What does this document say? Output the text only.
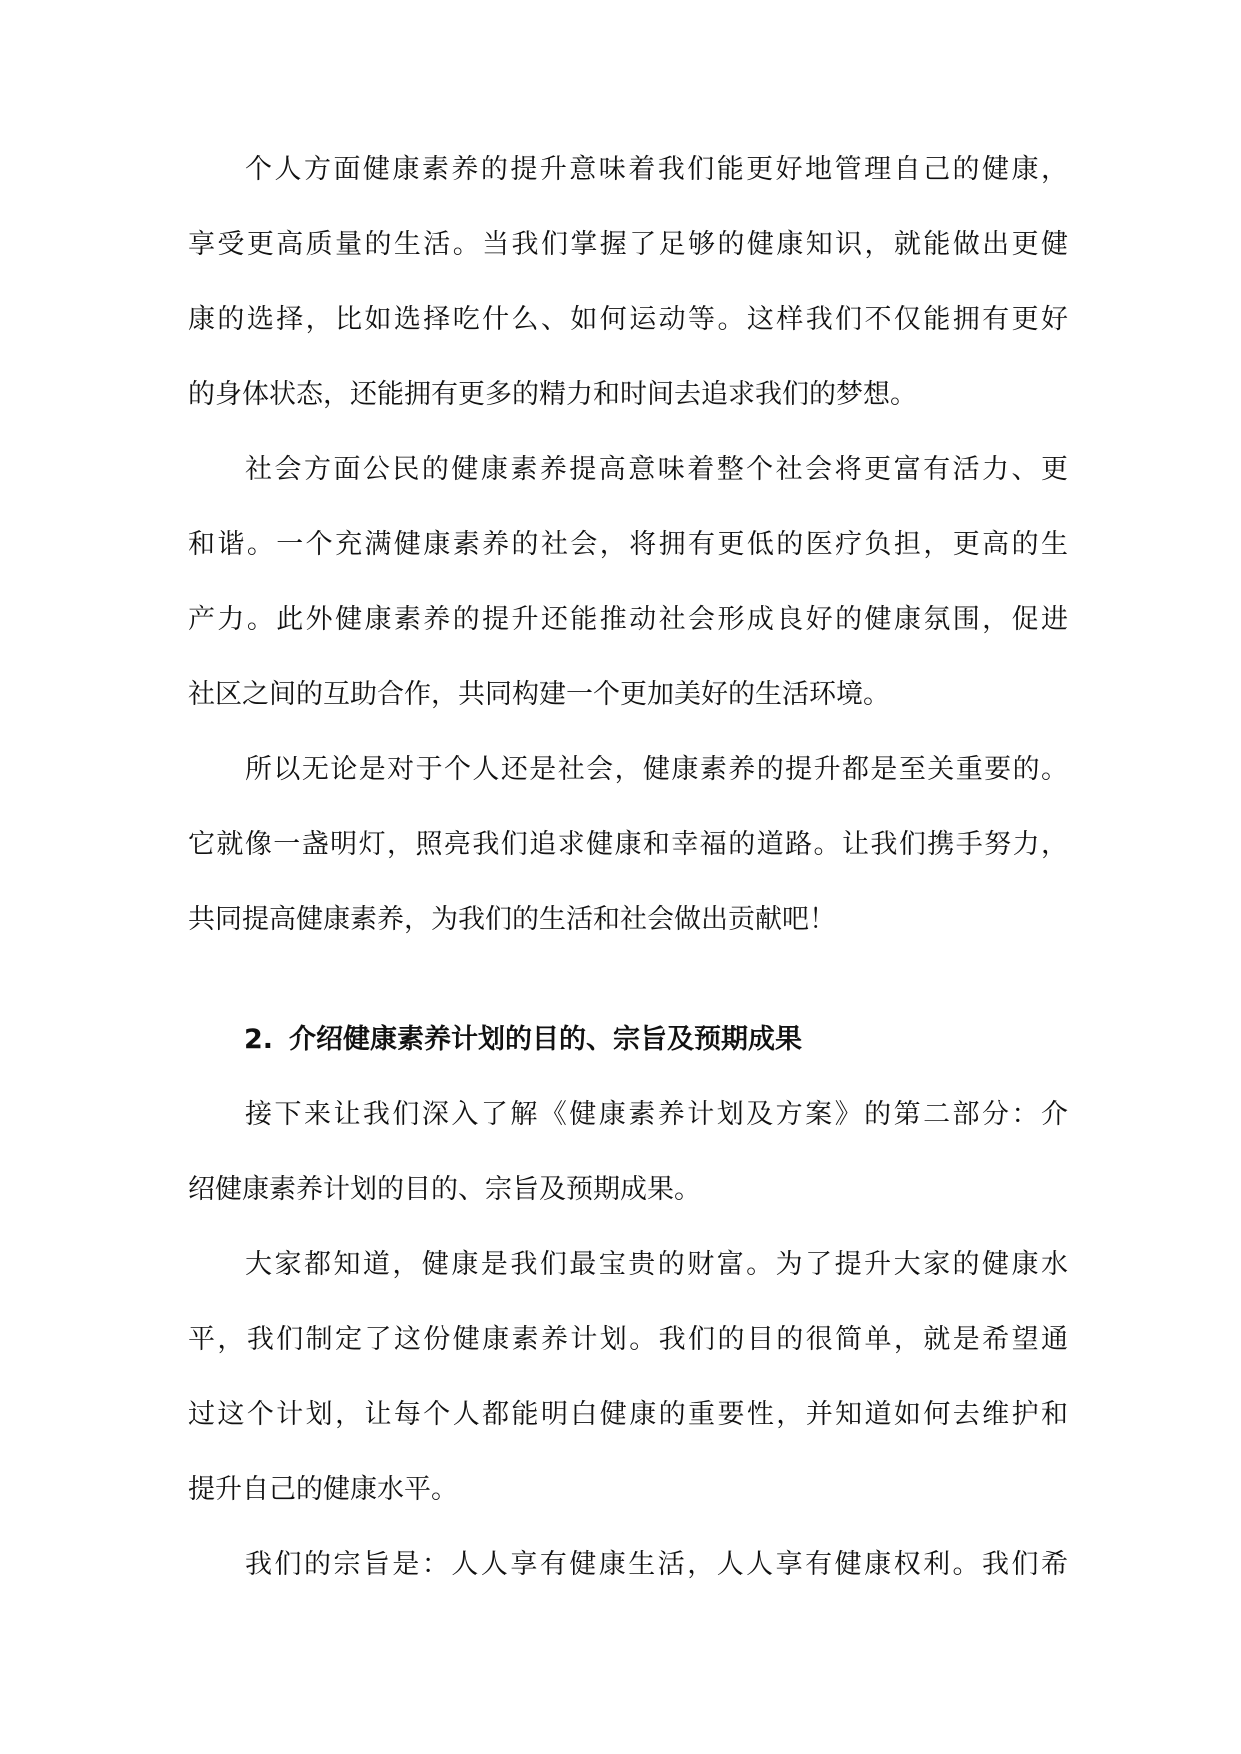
个人方面健康素养的提升意味着我们能更好地管理自己的健康，
享受更高质量的生活。当我们掌握了足够的健康知识，就能做出更健
康的选择，比如选择吃什么、如何运动等。这样我们不仅能拥有更好
的身体状态，还能拥有更多的精力和时间去追求我们的梦想。
社会方面公民的健康素养提高意味着整个社会将更富有活力、更
和谐。一个充满健康素养的社会，将拥有更低的医疗负担，更高的生
产力。此外健康素养的提升还能推动社会形成良好的健康氛围，促进
社区之间的互助合作，共同构建一个更加美好的生活环境。
所以无论是对于个人还是社会，健康素养的提升都是至关重要的。
它就像一盏明灯，照亮我们追求健康和幸福的道路。让我们携手努力，
共同提高健康素养，为我们的生活和社会做出贡献吧！
2. 介绍健康素养计划的目的、宗旨及预期成果
接下来让我们深入了解《健康素养计划及方案》的第二部分：介
绍健康素养计划的目的、宗旨及预期成果。
大家都知道，健康是我们最宝贵的财富。为了提升大家的健康水
平，我们制定了这份健康素养计划。我们的目的很简单，就是希望通
过这个计划，让每个人都能明白健康的重要性，并知道如何去维护和
提升自己的健康水平。
我们的宗旨是：人人享有健康生活，人人享有健康权利。我们希
